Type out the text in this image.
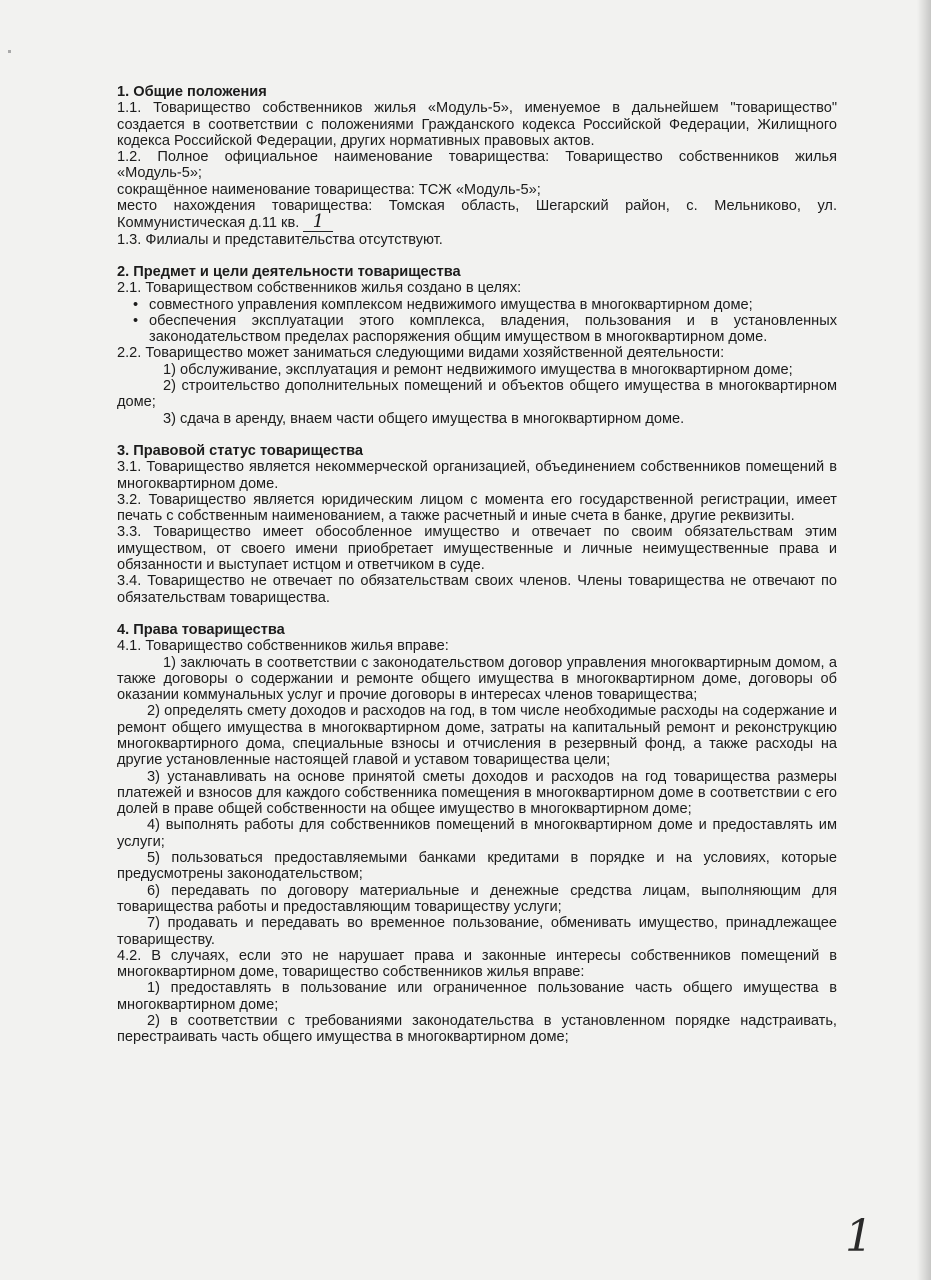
1. Общие положения

1.1. Товарищество собственников жилья «Модуль-5», именуемое в дальнейшем "товарищество" создается в соответствии с положениями Гражданского кодекса Российской Федерации, Жилищного кодекса Российской Федерации, других нормативных правовых актов.

1.2. Полное официальное наименование товарищества: Товарищество собственников жилья «Модуль-5»;

сокращённое наименование товарищества: ТСЖ «Модуль-5»;

место нахождения товарищества: Томская область, Шегарский район, с. Мельниково, ул. Коммунистическая д.11 кв. 1

1.3. Филиалы и представительства отсутствуют.

2. Предмет и цели деятельности товарищества

2.1. Товариществом собственников жилья создано в целях:

• совместного управления комплексом недвижимого имущества в многоквартирном доме;

• обеспечения эксплуатации этого комплекса, владения, пользования и в установленных законодательством пределах распоряжения общим имуществом в многоквартирном доме.

2.2. Товарищество может заниматься следующими видами хозяйственной деятельности:

1) обслуживание, эксплуатация и ремонт недвижимого имущества в многоквартирном доме;

2) строительство дополнительных помещений и объектов общего имущества в многоквартирном доме;

3) сдача в аренду, внаем части общего имущества в многоквартирном доме.

3. Правовой статус товарищества

3.1. Товарищество является некоммерческой организацией, объединением собственников помещений в многоквартирном доме.

3.2. Товарищество является юридическим лицом с момента его государственной регистрации, имеет печать с собственным наименованием, а также расчетный и иные счета в банке, другие реквизиты.

3.3. Товарищество имеет обособленное имущество и отвечает по своим обязательствам этим имуществом, от своего имени приобретает имущественные и личные неимущественные права и обязанности и выступает истцом и ответчиком в суде.

3.4. Товарищество не отвечает по обязательствам своих членов. Члены товарищества не отвечают по обязательствам товарищества.

4. Права товарищества

4.1. Товарищество собственников жилья вправе:

1) заключать в соответствии с законодательством договор управления многоквартирным домом, а также договоры о содержании и ремонте общего имущества в многоквартирном доме, договоры об оказании коммунальных услуг и прочие договоры в интересах членов товарищества;

2) определять смету доходов и расходов на год, в том числе необходимые расходы на содержание и ремонт общего имущества в многоквартирном доме, затраты на капитальный ремонт и реконструкцию многоквартирного дома, специальные взносы и отчисления в резервный фонд, а также расходы на другие установленные настоящей главой и уставом товарищества цели;

3) устанавливать на основе принятой сметы доходов и расходов на год товарищества размеры платежей и взносов для каждого собственника помещения в многоквартирном доме в соответствии с его долей в праве общей собственности на общее имущество в многоквартирном доме;

4) выполнять работы для собственников помещений в многоквартирном доме и предоставлять им услуги;

5) пользоваться предоставляемыми банками кредитами в порядке и на условиях, которые предусмотрены законодательством;

6) передавать по договору материальные и денежные средства лицам, выполняющим для товарищества работы и предоставляющим товариществу услуги;

7) продавать и передавать во временное пользование, обменивать имущество, принадлежащее товариществу.

4.2. В случаях, если это не нарушает права и законные интересы собственников помещений в многоквартирном доме, товарищество собственников жилья вправе:

1) предоставлять в пользование или ограниченное пользование часть общего имущества в многоквартирном доме;

2) в соответствии с требованиями законодательства в установленном порядке надстраивать, перестраивать часть общего имущества в многоквартирном доме;

1
